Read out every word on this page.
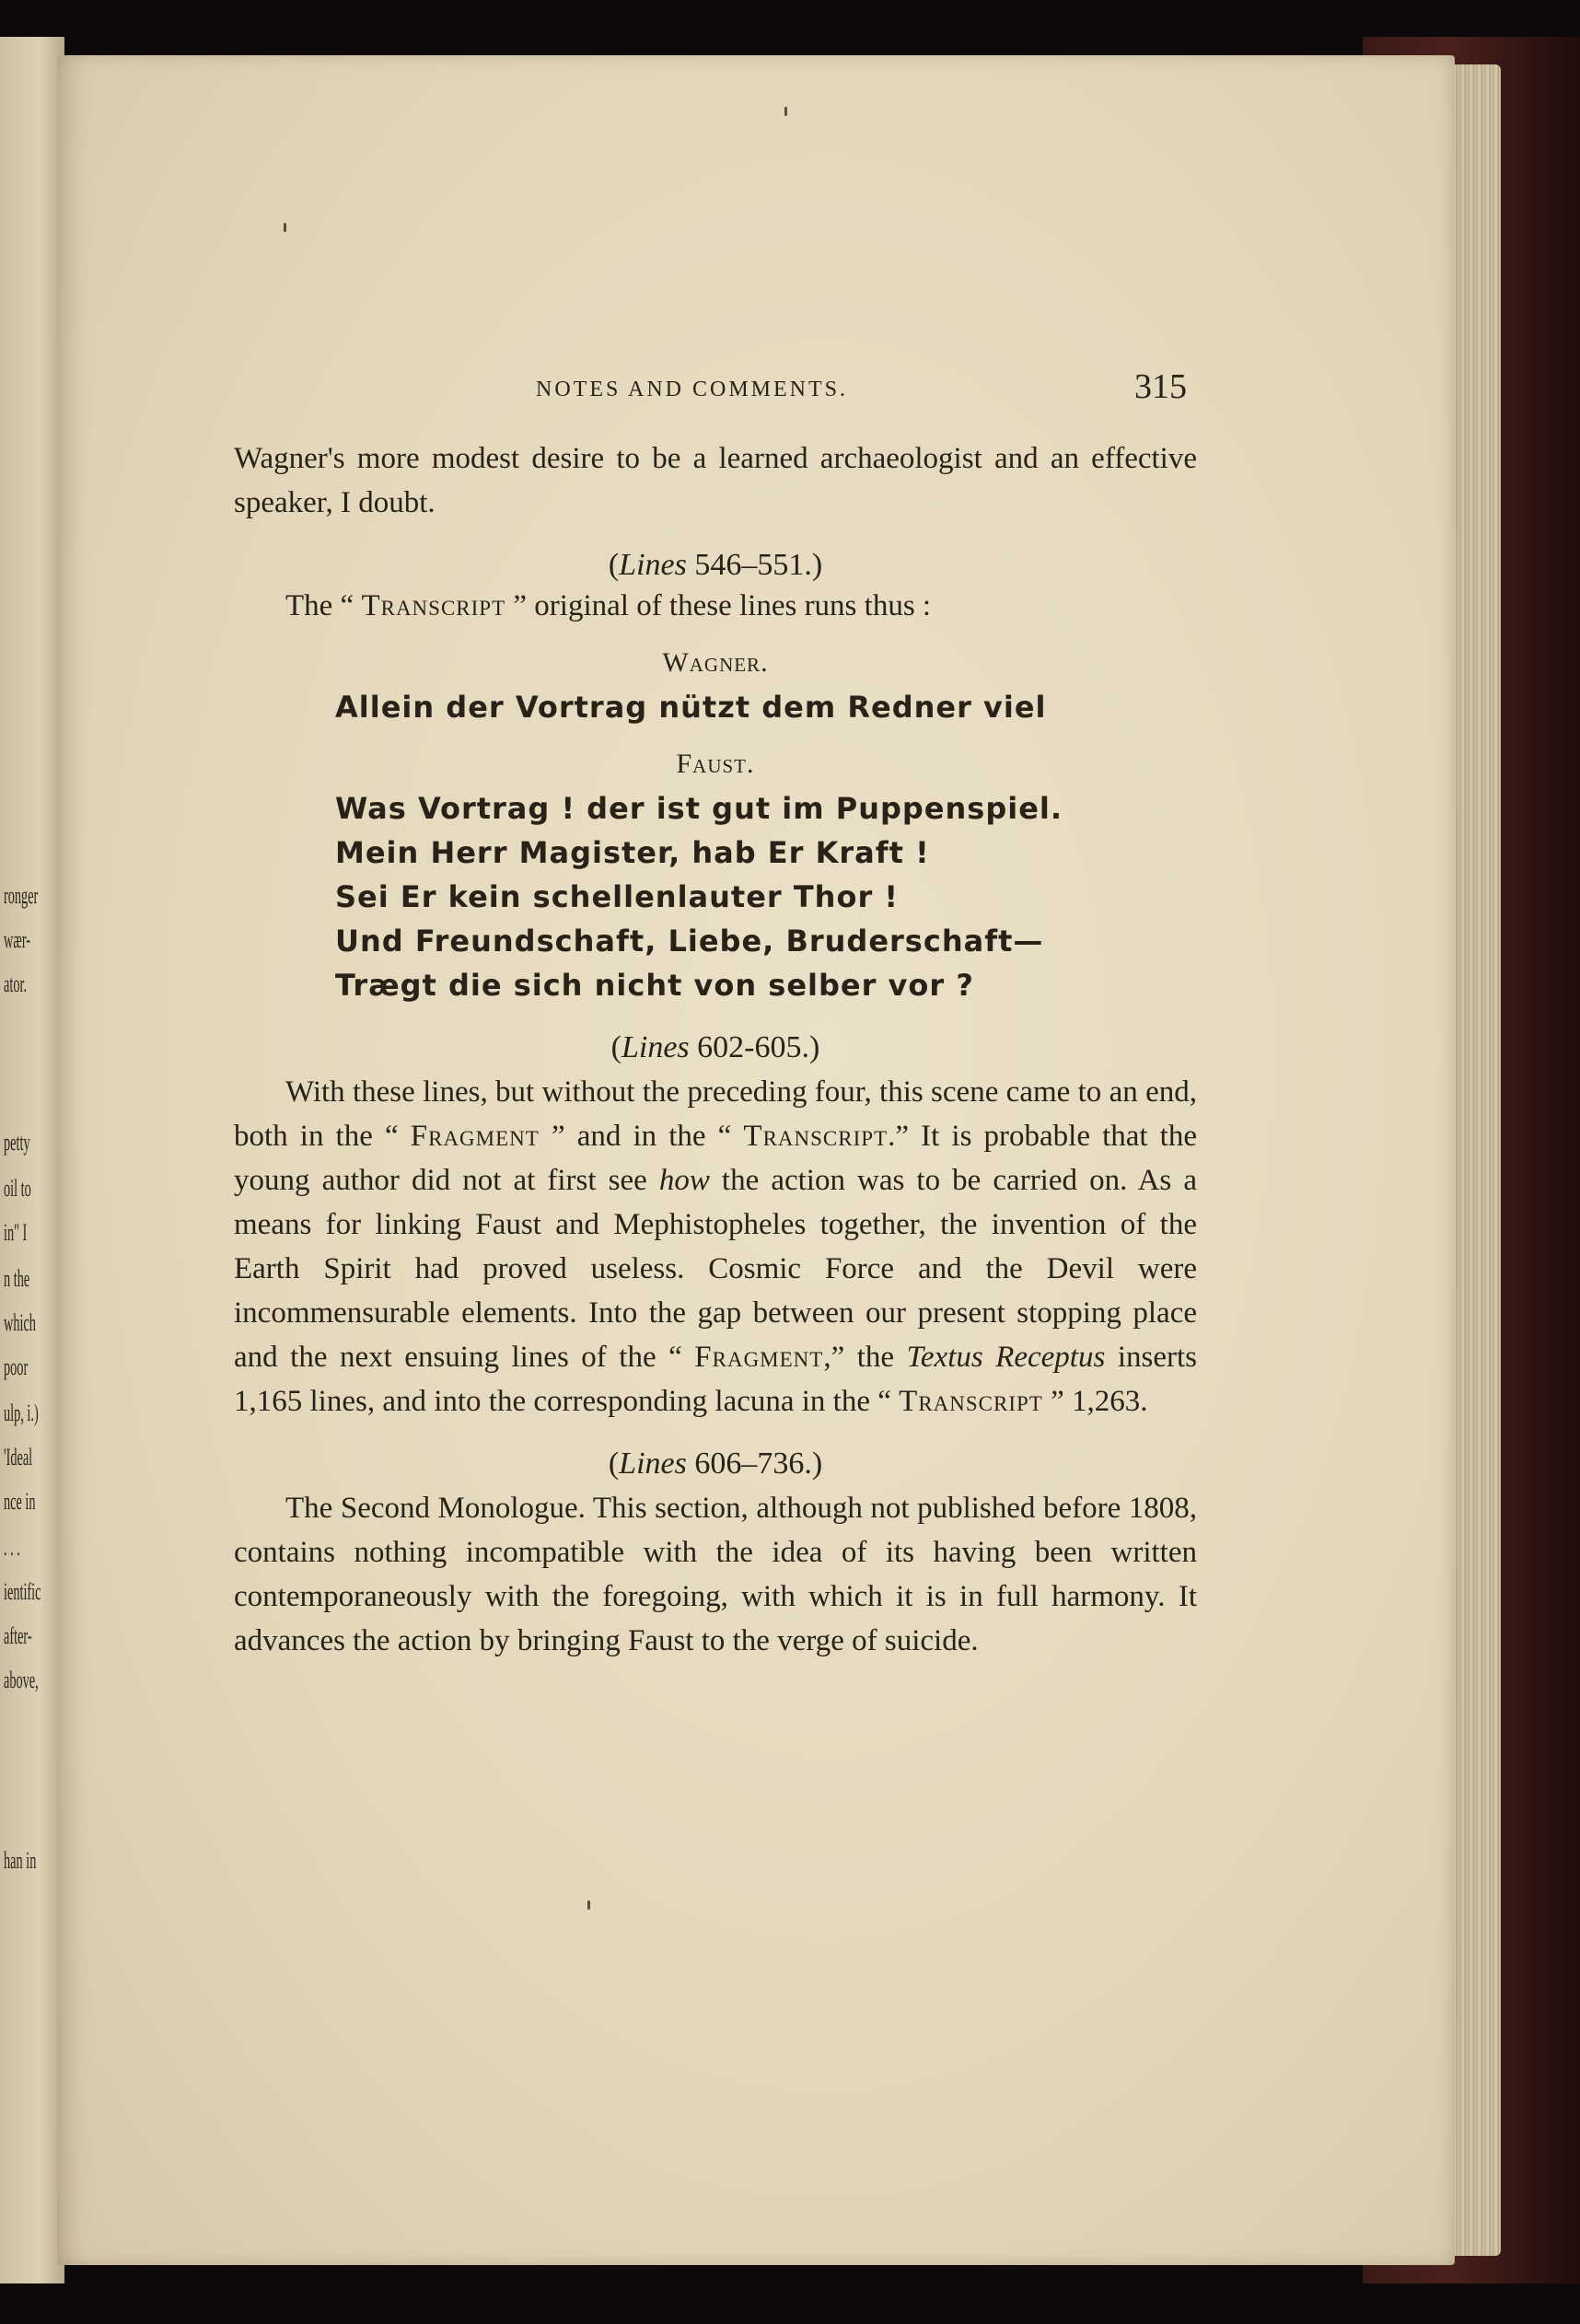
ronger
wær-
ator.
petty
oil to
in" I
n the
which
poor
ulp, i.)
'Ideal
nce in
. . .
ientific
after-
above,
han in
NOTES AND COMMENTS.	315

Wagner's more modest desire to be a learned archaeologist and an effective speaker, I doubt.

(Lines 546–551.)

The “ Transcript ” original of these lines runs thus :

Wagner.

Allein der Vortrag nützt dem Redner viel

Faust.

Was Vortrag ! der ist gut im Puppenspiel.

Mein Herr Magister, hab Er Kraft !

Sei Er kein schellenlauter Thor !

Und Freundschaft, Liebe, Bruderschaft—

Trægt die sich nicht von selber vor ?

(Lines 602-605.)

With these lines, but without the preceding four, this scene came to an end, both in the “ Fragment ” and in the “ Transcript.” It is probable that the young author did not at first see how the action was to be carried on. As a means for linking Faust and Mephistopheles together, the invention of the Earth Spirit had proved useless. Cosmic Force and the Devil were incommensurable elements. Into the gap between our present stopping place and the next ensuing lines of the “ Fragment,” the Textus Receptus inserts 1,165 lines, and into the corresponding lacuna in the “ Transcript ” 1,263.

(Lines 606–736.)

The Second Monologue. This section, although not published before 1808, contains nothing incompatible with the idea of its having been written contemporaneously with the foregoing, with which it is in full harmony. It advances the action by bringing Faust to the verge of suicide.
